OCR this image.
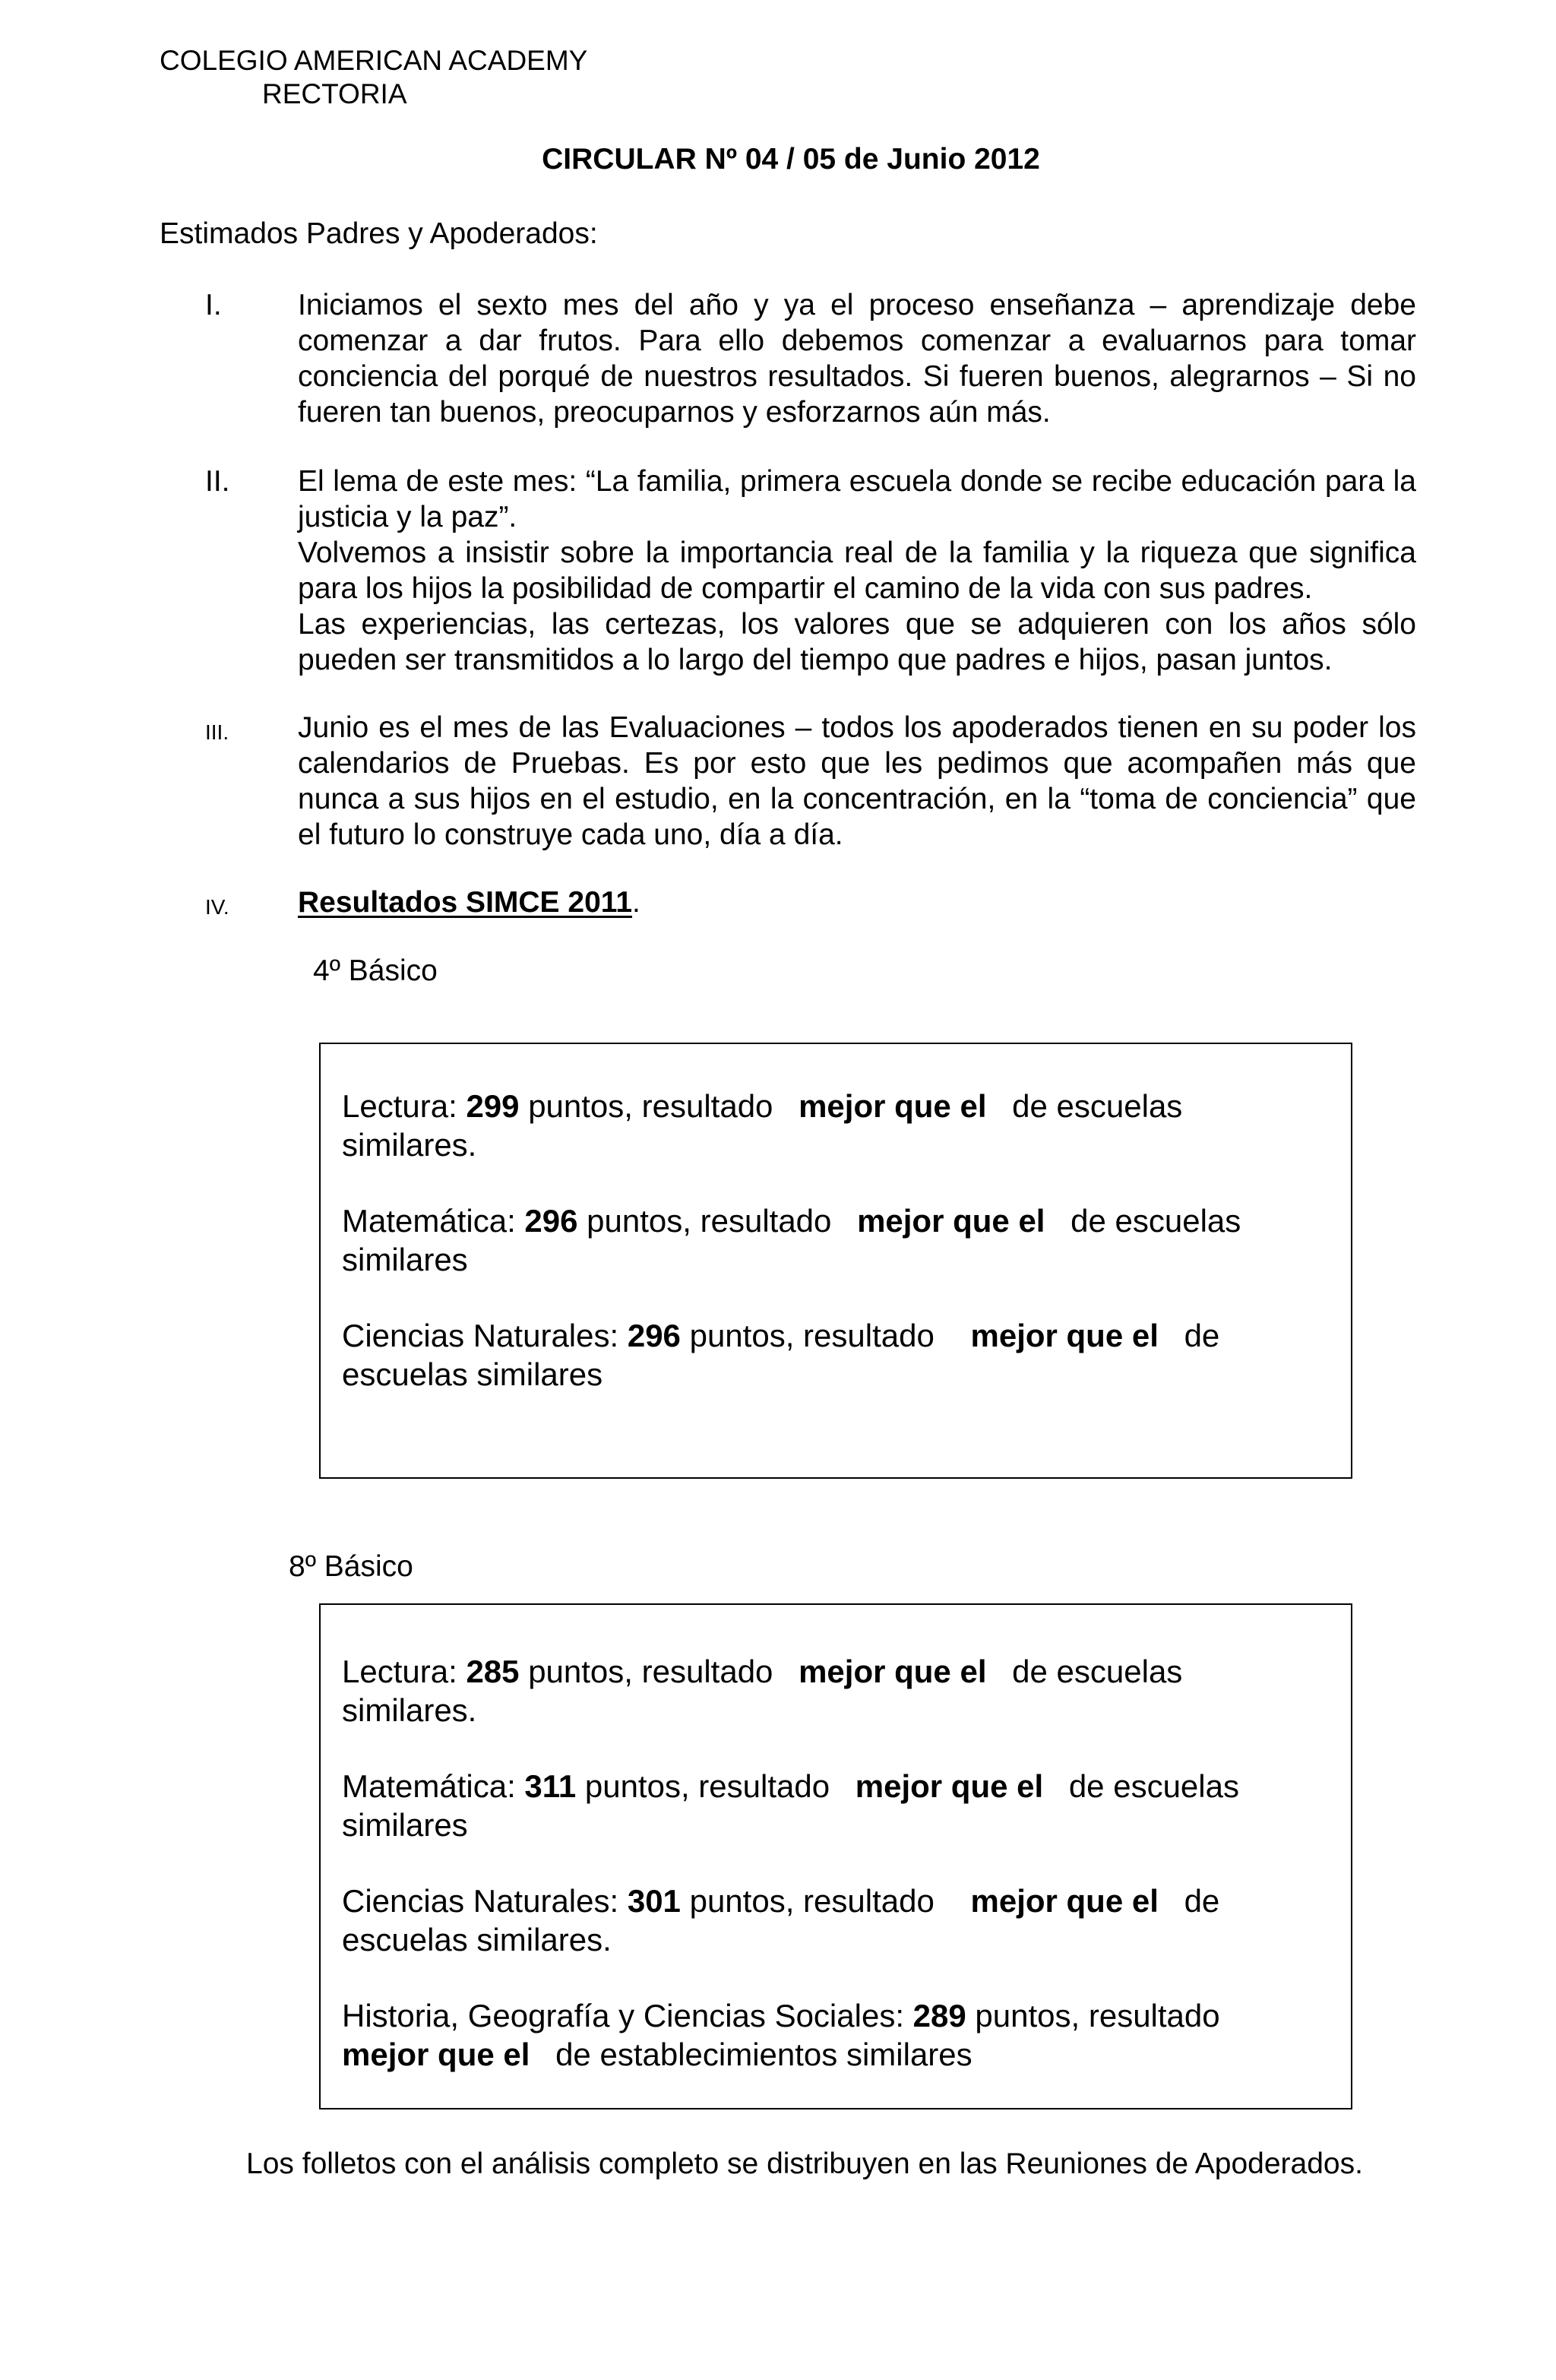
COLEGIO AMERICAN ACADEMY
RECTORIA
CIRCULAR Nº 04 / 05 de Junio 2012
Estimados Padres y Apoderados:
I.	Iniciamos el sexto mes del año y ya el proceso enseñanza – aprendizaje debe comenzar a dar frutos. Para ello debemos comenzar a evaluarnos para tomar conciencia del porqué de nuestros resultados. Si fueren buenos, alegrarnos – Si no fueren tan buenos, preocuparnos y esforzarnos aún más.

II. El lema de este mes: “La familia, primera escuela donde se recibe educación para la justicia y la paz”.

Volvemos a insistir sobre la importancia real de la familia y la riqueza que significa para los hijos la posibilidad de compartir el camino de la vida con sus padres.

Las experiencias, las certezas, los valores que se adquieren con los años sólo pueden ser transmitidos a lo largo del tiempo que padres e hijos, pasan juntos.

III. Junio es el mes de las Evaluaciones – todos los apoderados tienen en su poder los calendarios de Pruebas. Es por esto que les pedimos que acompañen más que nunca a sus hijos en el estudio, en la concentración, en la “toma de conciencia” que el futuro lo construye cada uno, día a día.

IV. Resultados SIMCE 2011.
4º Básico
Lectura: 299 puntos, resultado mejor que el de escuelas similares.
Matemática: 296 puntos, resultado mejor que el de escuelas similares
Ciencias Naturales: 296 puntos, resultado mejor que el de escuelas similares
8º Básico
Lectura: 285 puntos, resultado mejor que el de escuelas similares.
Matemática: 311 puntos, resultado mejor que el de escuelas similares
Ciencias Naturales: 301 puntos, resultado mejor que el de escuelas similares.
Historia, Geografía y Ciencias Sociales: 289 puntos, resultado mejor que el de establecimientos similares
Los folletos con el análisis completo se distribuyen en las Reuniones de Apoderados.
